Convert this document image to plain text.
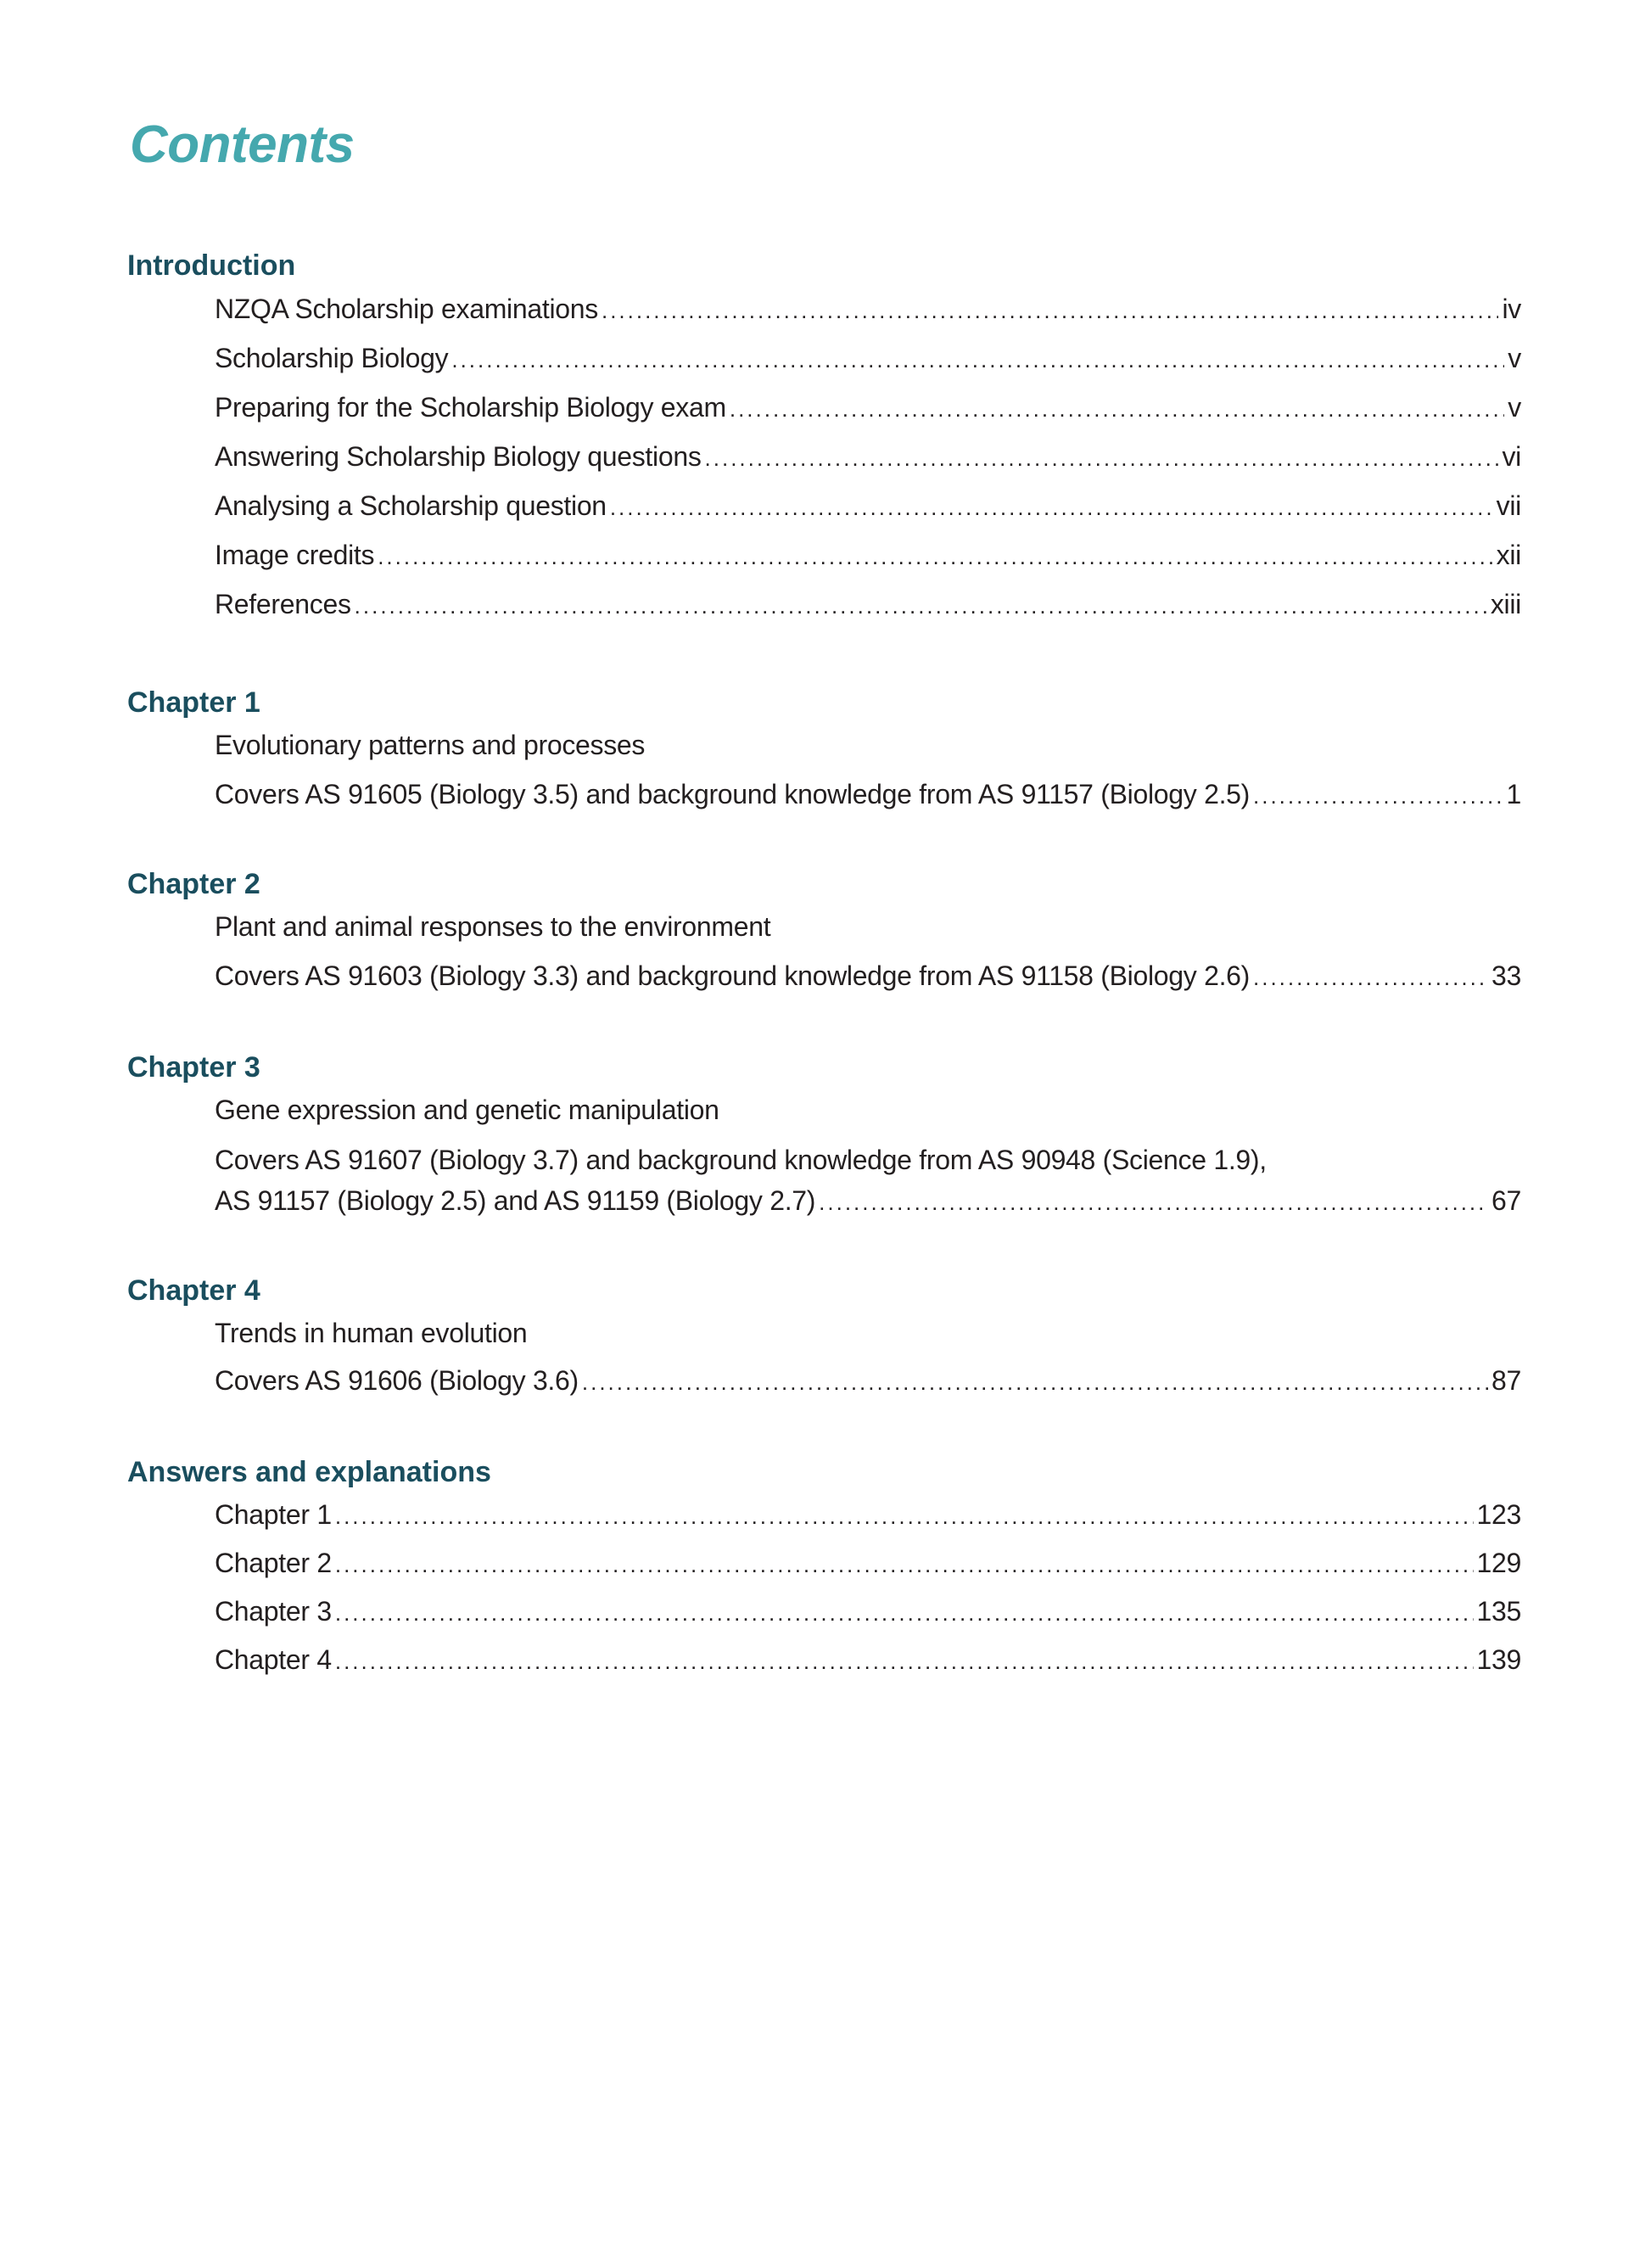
Contents
Introduction
NZQA Scholarship examinations .....	iv
Scholarship Biology .....	v
Preparing for the Scholarship Biology exam .....	v
Answering Scholarship Biology questions .....	vi
Analysing a Scholarship question .....	vii
Image credits .....	xii
References .....	xiii
Chapter 1
Evolutionary patterns and processes
Covers AS 91605 (Biology 3.5) and background knowledge from AS 91157 (Biology 2.5) .....	1
Chapter 2
Plant and animal responses to the environment
Covers AS 91603 (Biology 3.3) and background knowledge from AS 91158 (Biology 2.6) .....	33
Chapter 3
Gene expression and genetic manipulation
Covers AS 91607 (Biology 3.7) and background knowledge from AS 90948 (Science 1.9),
AS 91157 (Biology 2.5) and AS 91159 (Biology 2.7) .....	67
Chapter 4
Trends in human evolution
Covers AS 91606 (Biology 3.6) .....	87
Answers and explanations
Chapter 1 .....	123
Chapter 2 .....	129
Chapter 3 .....	135
Chapter 4 .....	139
